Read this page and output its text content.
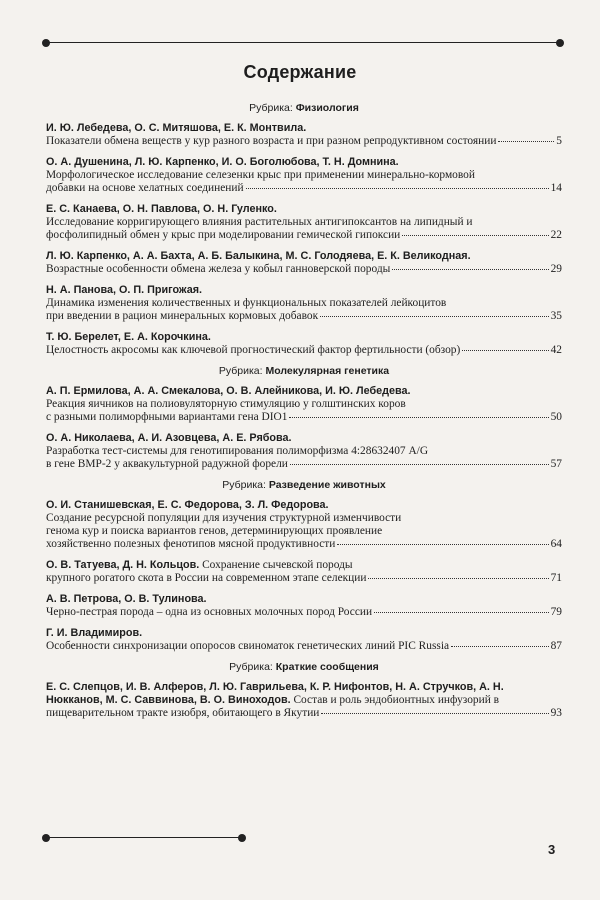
Содержание
Рубрика: Физиология
И. Ю. Лебедева, О. С. Митяшова, Е. К. Монтвила.
Показатели обмена веществ у кур разного возраста и при разном репродуктивном состоянии	5
О. А. Душенина, Л. Ю. Карпенко, И. О. Боголюбова, Т. Н. Домнина.
Морфологическое исследование селезенки крыс при применении минерально-кормовой
добавки на основе хелатных соединений	14
Е. С. Канаева, О. Н. Павлова, О. Н. Гуленко.
Исследование корригирующего влияния растительных антигипоксантов на липидный и
фосфолипидный обмен у крыс при моделировании гемической гипоксии	22
Л. Ю. Карпенко, А. А. Бахта, А. Б. Балыкина, М. С. Голодяева, Е. К. Великодная.
Возрастные особенности обмена железа у кобыл ганноверской породы	29
Н. А. Панова, О. П. Пригожая.
Динамика изменения количественных и функциональных показателей лейкоцитов
при введении в рацион минеральных кормовых добавок	35
Т. Ю. Берелет, Е. А. Корочкина.
Целостность акросомы как ключевой прогностический фактор фертильности (обзор)	42
Рубрика: Молекулярная генетика
А. П. Ермилова, А. А. Смекалова, О. В. Алейникова, И. Ю. Лебедева.
Реакция яичников на полиовуляторную стимуляцию у голштинских коров
с разными полиморфными вариантами гена DIO1	50
О. А. Николаева, А. И. Азовцева, А. Е. Рябова.
Разработка тест-системы для генотипирования полиморфизма 4:28632407 A/G
в гене BMP-2 у аквакультурной радужной форели	57
Рубрика: Разведение животных
О. И. Станишевская, Е. С. Федорова, З. Л. Федорова.
Создание ресурсной популяции для изучения структурной изменчивости
генома кур и поиска вариантов генов, детерминирующих проявление
хозяйственно полезных фенотипов мясной продуктивности	64
О. В. Татуева, Д. Н. Кольцов. Сохранение сычевской породы
крупного рогатого скота в России на современном этапе селекции	71
А. В. Петрова, О. В. Тулинова.
Черно-пестрая порода – одна из основных молочных пород России	79
Г. И. Владимиров.
Особенности синхронизации опоросов свиноматок генетических линий PIC Russia	87
Рубрика: Краткие сообщения
Е. С. Слепцов, И. В. Алферов, Л. Ю. Гаврильева, К. Р. Нифонтов, Н. А. Стручков, А. Н.
Нюкканов, М. С. Саввинова, В. О. Виноходов. Состав и роль эндобионтных инфузорий в
пищеварительном тракте изюбря, обитающего в Якутии	93
3
